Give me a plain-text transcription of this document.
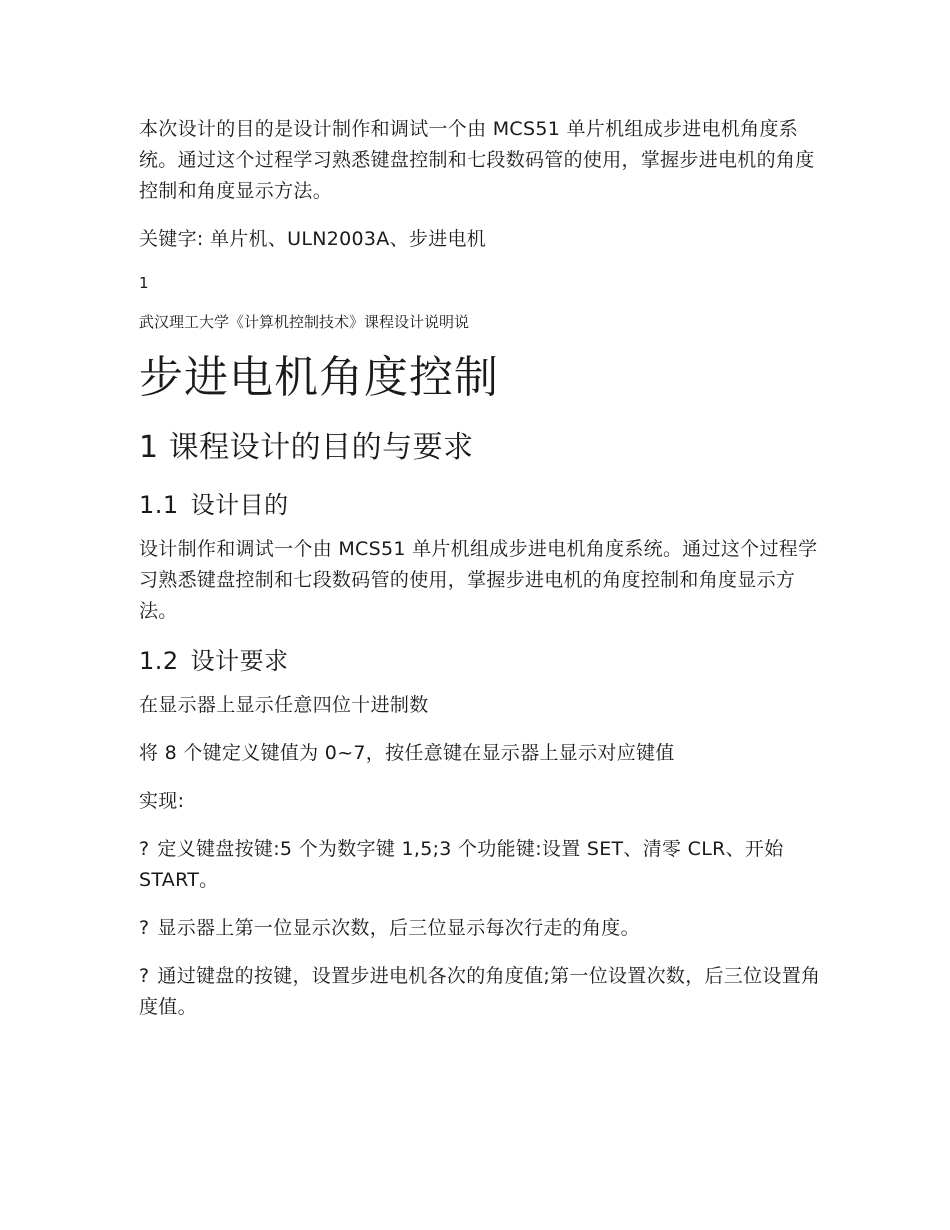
本次设计的目的是设计制作和调试一个由 MCS51 单片机组成步进电机角度系统。通过这个过程学习熟悉键盘控制和七段数码管的使用，掌握步进电机的角度控制和角度显示方法。

关键字: 单片机、ULN2003A、步进电机

1

武汉理工大学《计算机控制技术》课程设计说明说

步进电机角度控制
1 课程设计的目的与要求
1.1 设计目的

设计制作和调试一个由 MCS51 单片机组成步进电机角度系统。通过这个过程学习熟悉键盘控制和七段数码管的使用，掌握步进电机的角度控制和角度显示方法。

1.2 设计要求

在显示器上显示任意四位十进制数

将 8 个键定义键值为 0~7，按任意键在显示器上显示对应键值

实现:

? 定义键盘按键:5 个为数字键 1,5;3 个功能键:设置 SET、清零 CLR、开始 START。

? 显示器上第一位显示次数，后三位显示每次行走的角度。

? 通过键盘的按键，设置步进电机各次的角度值;第一位设置次数，后三位设置角度值。
